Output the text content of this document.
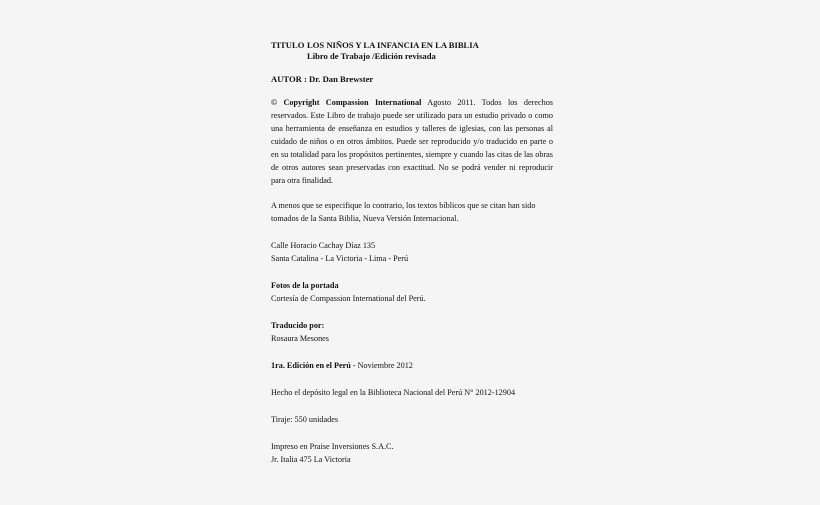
TITULO LOS NIÑOS Y LA INFANCIA EN LA BIBLIA
Libro de Trabajo /Edición revisada
AUTOR : Dr. Dan Brewster
© Copyright Compassion International Agosto 2011. Todos los derechos reservados. Este Libro de trabajo puede ser utilizado para un estudio privado o como una herramienta de enseñanza en estudios y talleres de iglesias, con las personas al cuidado de niños o en otros ámbitos. Puede ser reproducido y/o traducido en parte o en su totalidad para los propósitos pertinentes, siempre y cuando las citas de las obras de otros autores sean preservadas con exactitud. No se podrá vender ni reproducir para otra finalidad.
A menos que se especifique lo contrario, los textos bíblicos que se citan han sido tomados de la Santa Biblia, Nueva Versión Internacional.
Calle Horacio Cachay Díaz 135
Santa Catalina - La Victoria - Lima - Perú
Fotos de la portada
Cortesía de Compassion International del Perú.
Traducido por:
Rosaura Mesones
1ra. Edición en el Perú - Noviembre 2012
Hecho el depósito legal en la Biblioteca Nacional del Perú N° 2012-12904
Tiraje: 550 unidades
Impreso en Praise Inversiones S.A.C.
Jr. Italia 475 La Victoria
